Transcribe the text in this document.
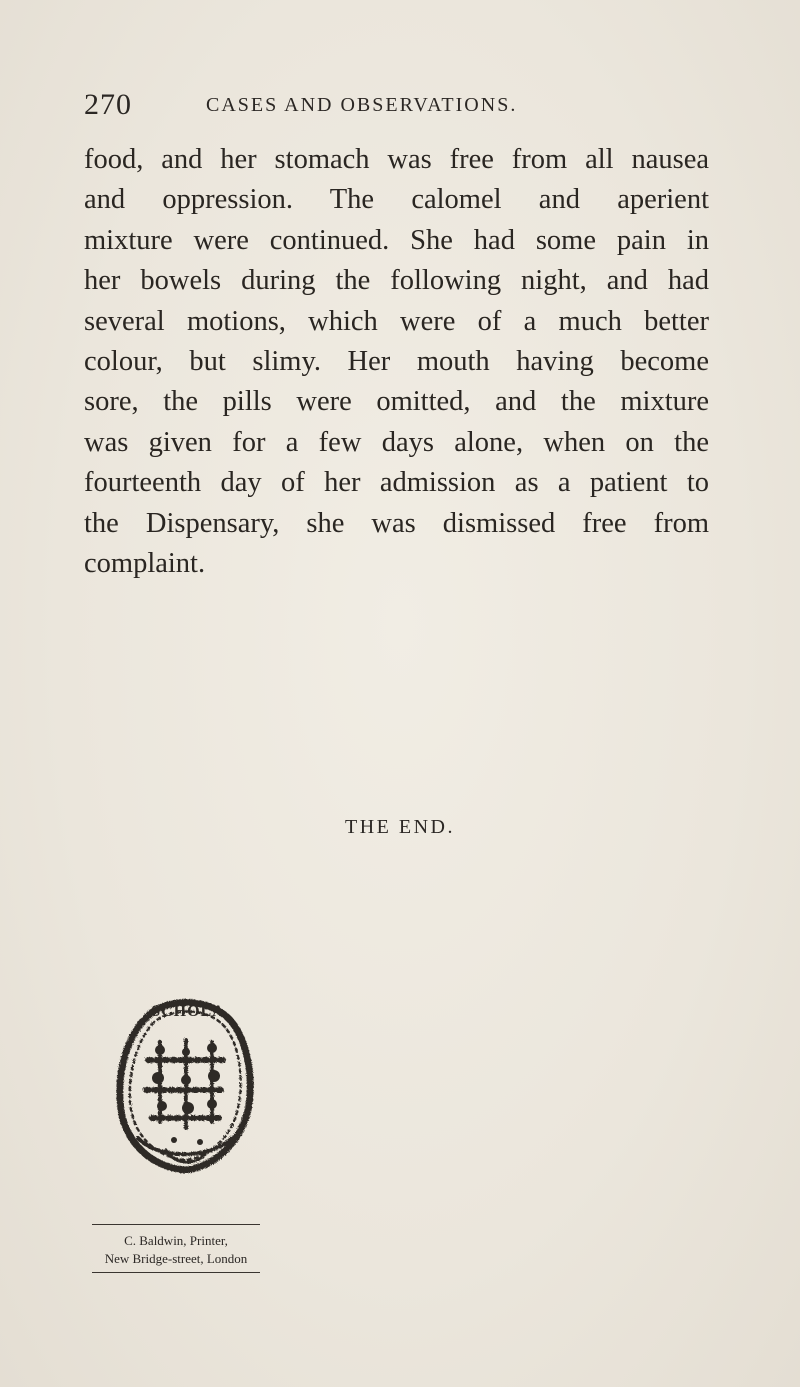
270	CASES AND OBSERVATIONS.

food, and her stomach was free from all nausea
and oppression. The calomel and aperient
mixture were continued. She had some pain in
her bowels during the following night, and had
several motions, which were of a much better
colour, but slimy. Her mouth having become
sore, the pills were omitted, and the mixture
was given for a few days alone, when on the
fourteenth day of her admission as a patient to
the Dispensary, she was dismissed free from
complaint.

THE END.
SCHOLA
C. Baldwin, Printer,
New Bridge-street, London
